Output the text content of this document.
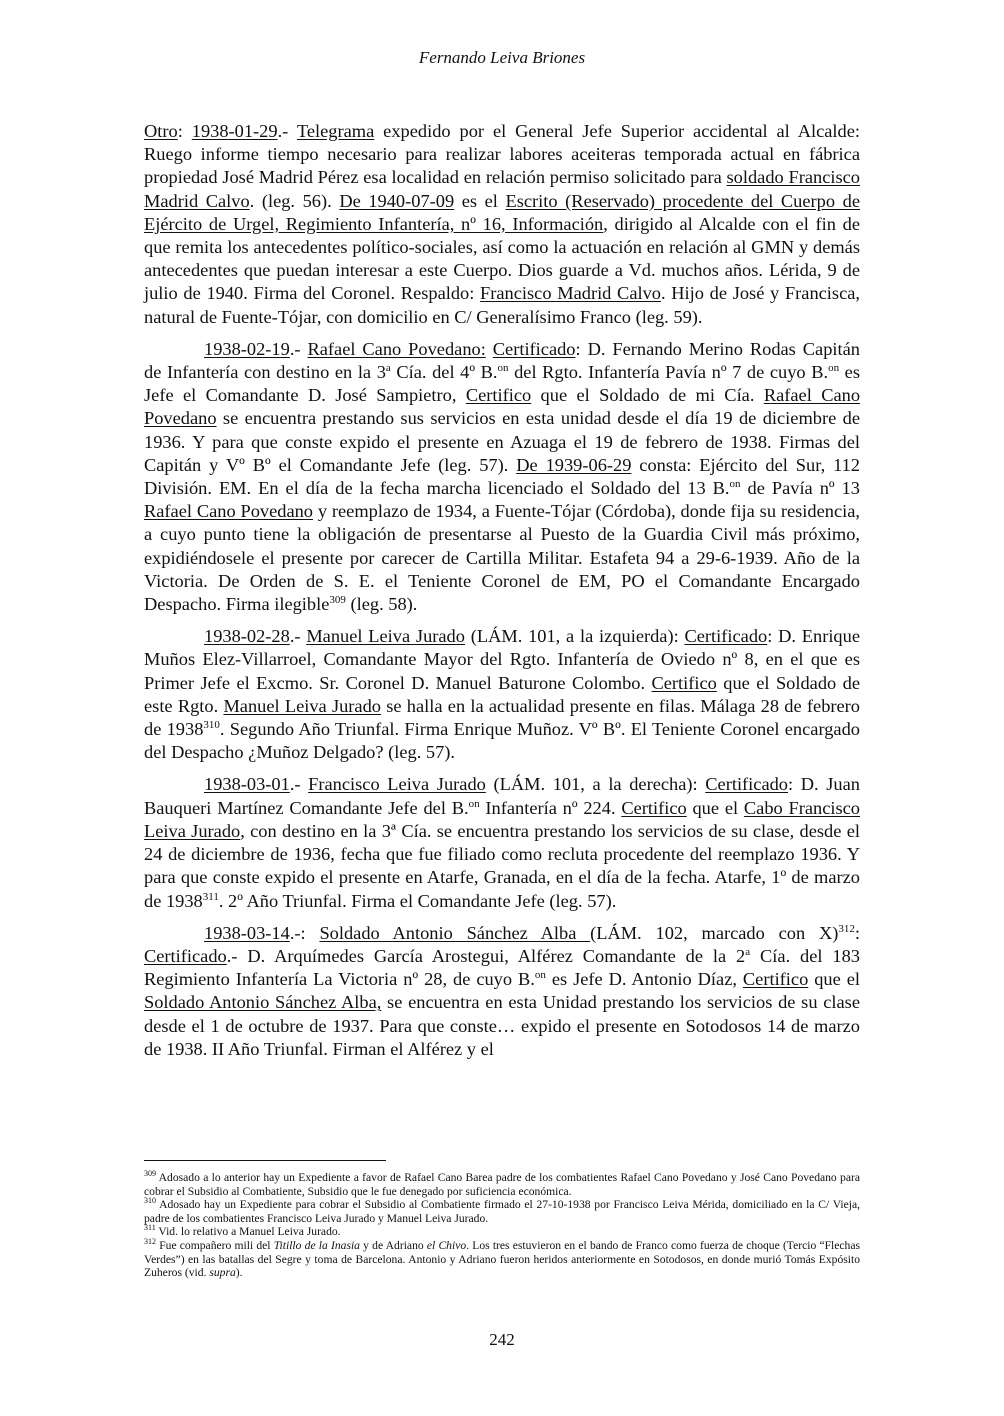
Fernando Leiva Briones

Otro: 1938-01-29.- Telegrama expedido por el General Jefe Superior accidental al Alcalde: Ruego informe tiempo necesario para realizar labores aceiteras temporada actual en fábrica propiedad José Madrid Pérez esa localidad en relación permiso solicitado para soldado Francisco Madrid Calvo. (leg. 56). De 1940-07-09 es el Escrito (Reservado) procedente del Cuerpo de Ejército de Urgel, Regimiento Infantería, nº 16, Información, dirigido al Alcalde con el fin de que remita los antecedentes político-sociales, así como la actuación en relación al GMN y demás antecedentes que puedan interesar a este Cuerpo. Dios guarde a Vd. muchos años. Lérida, 9 de julio de 1940. Firma del Coronel. Respaldo: Francisco Madrid Calvo. Hijo de José y Francisca, natural de Fuente-Tójar, con domicilio en C/ Generalísimo Franco (leg. 59).

1938-02-19.- Rafael Cano Povedano: Certificado: D. Fernando Merino Rodas Capitán de Infantería con destino en la 3$^a$ Cía. del 4º B.$^{on}$ del Rgto. Infantería Pavía nº 7 de cuyo B.$^{on}$ es Jefe el Comandante D. José Sampietro, Certifico que el Soldado de mi Cía. Rafael Cano Povedano se encuentra prestando sus servicios en esta unidad desde el día 19 de diciembre de 1936. Y para que conste expido el presente en Azuaga el 19 de febrero de 1938. Firmas del Capitán y Vº Bº el Comandante Jefe (leg. 57). De 1939-06-29 consta: Ejército del Sur, 112 División. EM. En el día de la fecha marcha licenciado el Soldado del 13 B.$^{on}$ de Pavía nº 13 Rafael Cano Povedano y reemplazo de 1934, a Fuente-Tójar (Córdoba), donde fija su residencia, a cuyo punto tiene la obligación de presentarse al Puesto de la Guardia Civil más próximo, expidiéndosele el presente por carecer de Cartilla Militar. Estafeta 94 a 29-6-1939. Año de la Victoria. De Orden de S. E. el Teniente Coronel de EM, PO el Comandante Encargado Despacho. Firma ilegible$^{309}$ (leg. 58).

1938-02-28.- Manuel Leiva Jurado (LÁM. 101, a la izquierda): Certificado: D. Enrique Muños Elez-Villarroel, Comandante Mayor del Rgto. Infantería de Oviedo nº 8, en el que es Primer Jefe el Excmo. Sr. Coronel D. Manuel Baturone Colombo. Certifico que el Soldado de este Rgto. Manuel Leiva Jurado se halla en la actualidad presente en filas. Málaga 28 de febrero de 1938$^{310}$. Segundo Año Triunfal. Firma Enrique Muñoz. Vº Bº. El Teniente Coronel encargado del Despacho ¿Muñoz Delgado? (leg. 57).

1938-03-01.- Francisco Leiva Jurado (LÁM. 101, a la derecha): Certificado: D. Juan Bauqueri Martínez Comandante Jefe del B.$^{on}$ Infantería nº 224. Certifico que el Cabo Francisco Leiva Jurado, con destino en la 3ª Cía. se encuentra prestando los servicios de su clase, desde el 24 de diciembre de 1936, fecha que fue filiado como recluta procedente del reemplazo 1936. Y para que conste expido el presente en Atarfe, Granada, en el día de la fecha. Atarfe, 1º de marzo de 1938$^{311}$. 2º Año Triunfal. Firma el Comandante Jefe (leg. 57).

1938-03-14.-: Soldado Antonio Sánchez Alba (LÁM. 102, marcado con X)$^{312}$: Certificado.- D. Arquímedes García Arostegui, Alférez Comandante de la 2$^a$ Cía. del 183 Regimiento Infantería La Victoria nº 28, de cuyo B.$^{on}$ es Jefe D. Antonio Díaz, Certifico que el Soldado Antonio Sánchez Alba, se encuentra en esta Unidad prestando los servicios de su clase desde el 1 de octubre de 1937. Para que conste… expido el presente en Sotodosos 14 de marzo de 1938. II Año Triunfal. Firman el Alférez y el

$^{309}$ Adosado a lo anterior hay un Expediente a favor de Rafael Cano Barea padre de los combatientes Rafael Cano Povedano y José Cano Povedano para cobrar el Subsidio al Combatiente, Subsidio que le fue denegado por suficiencia económica.

$^{310}$ Adosado hay un Expediente para cobrar el Subsidio al Combatiente firmado el 27-10-1938 por Francisco Leiva Mérida, domiciliado en la C/ Vieja, padre de los combatientes Francisco Leiva Jurado y Manuel Leiva Jurado.

$^{311}$ Vid. lo relativo a Manuel Leiva Jurado.

$^{312}$ Fue compañero mili del Titillo de la Inasia y de Adriano el Chivo. Los tres estuvieron en el bando de Franco como fuerza de choque (Tercio “Flechas Verdes”) en las batallas del Segre y toma de Barcelona. Antonio y Adriano fueron heridos anteriormente en Sotodosos, en donde murió Tomás Expósito Zuheros (vid. supra).

242
